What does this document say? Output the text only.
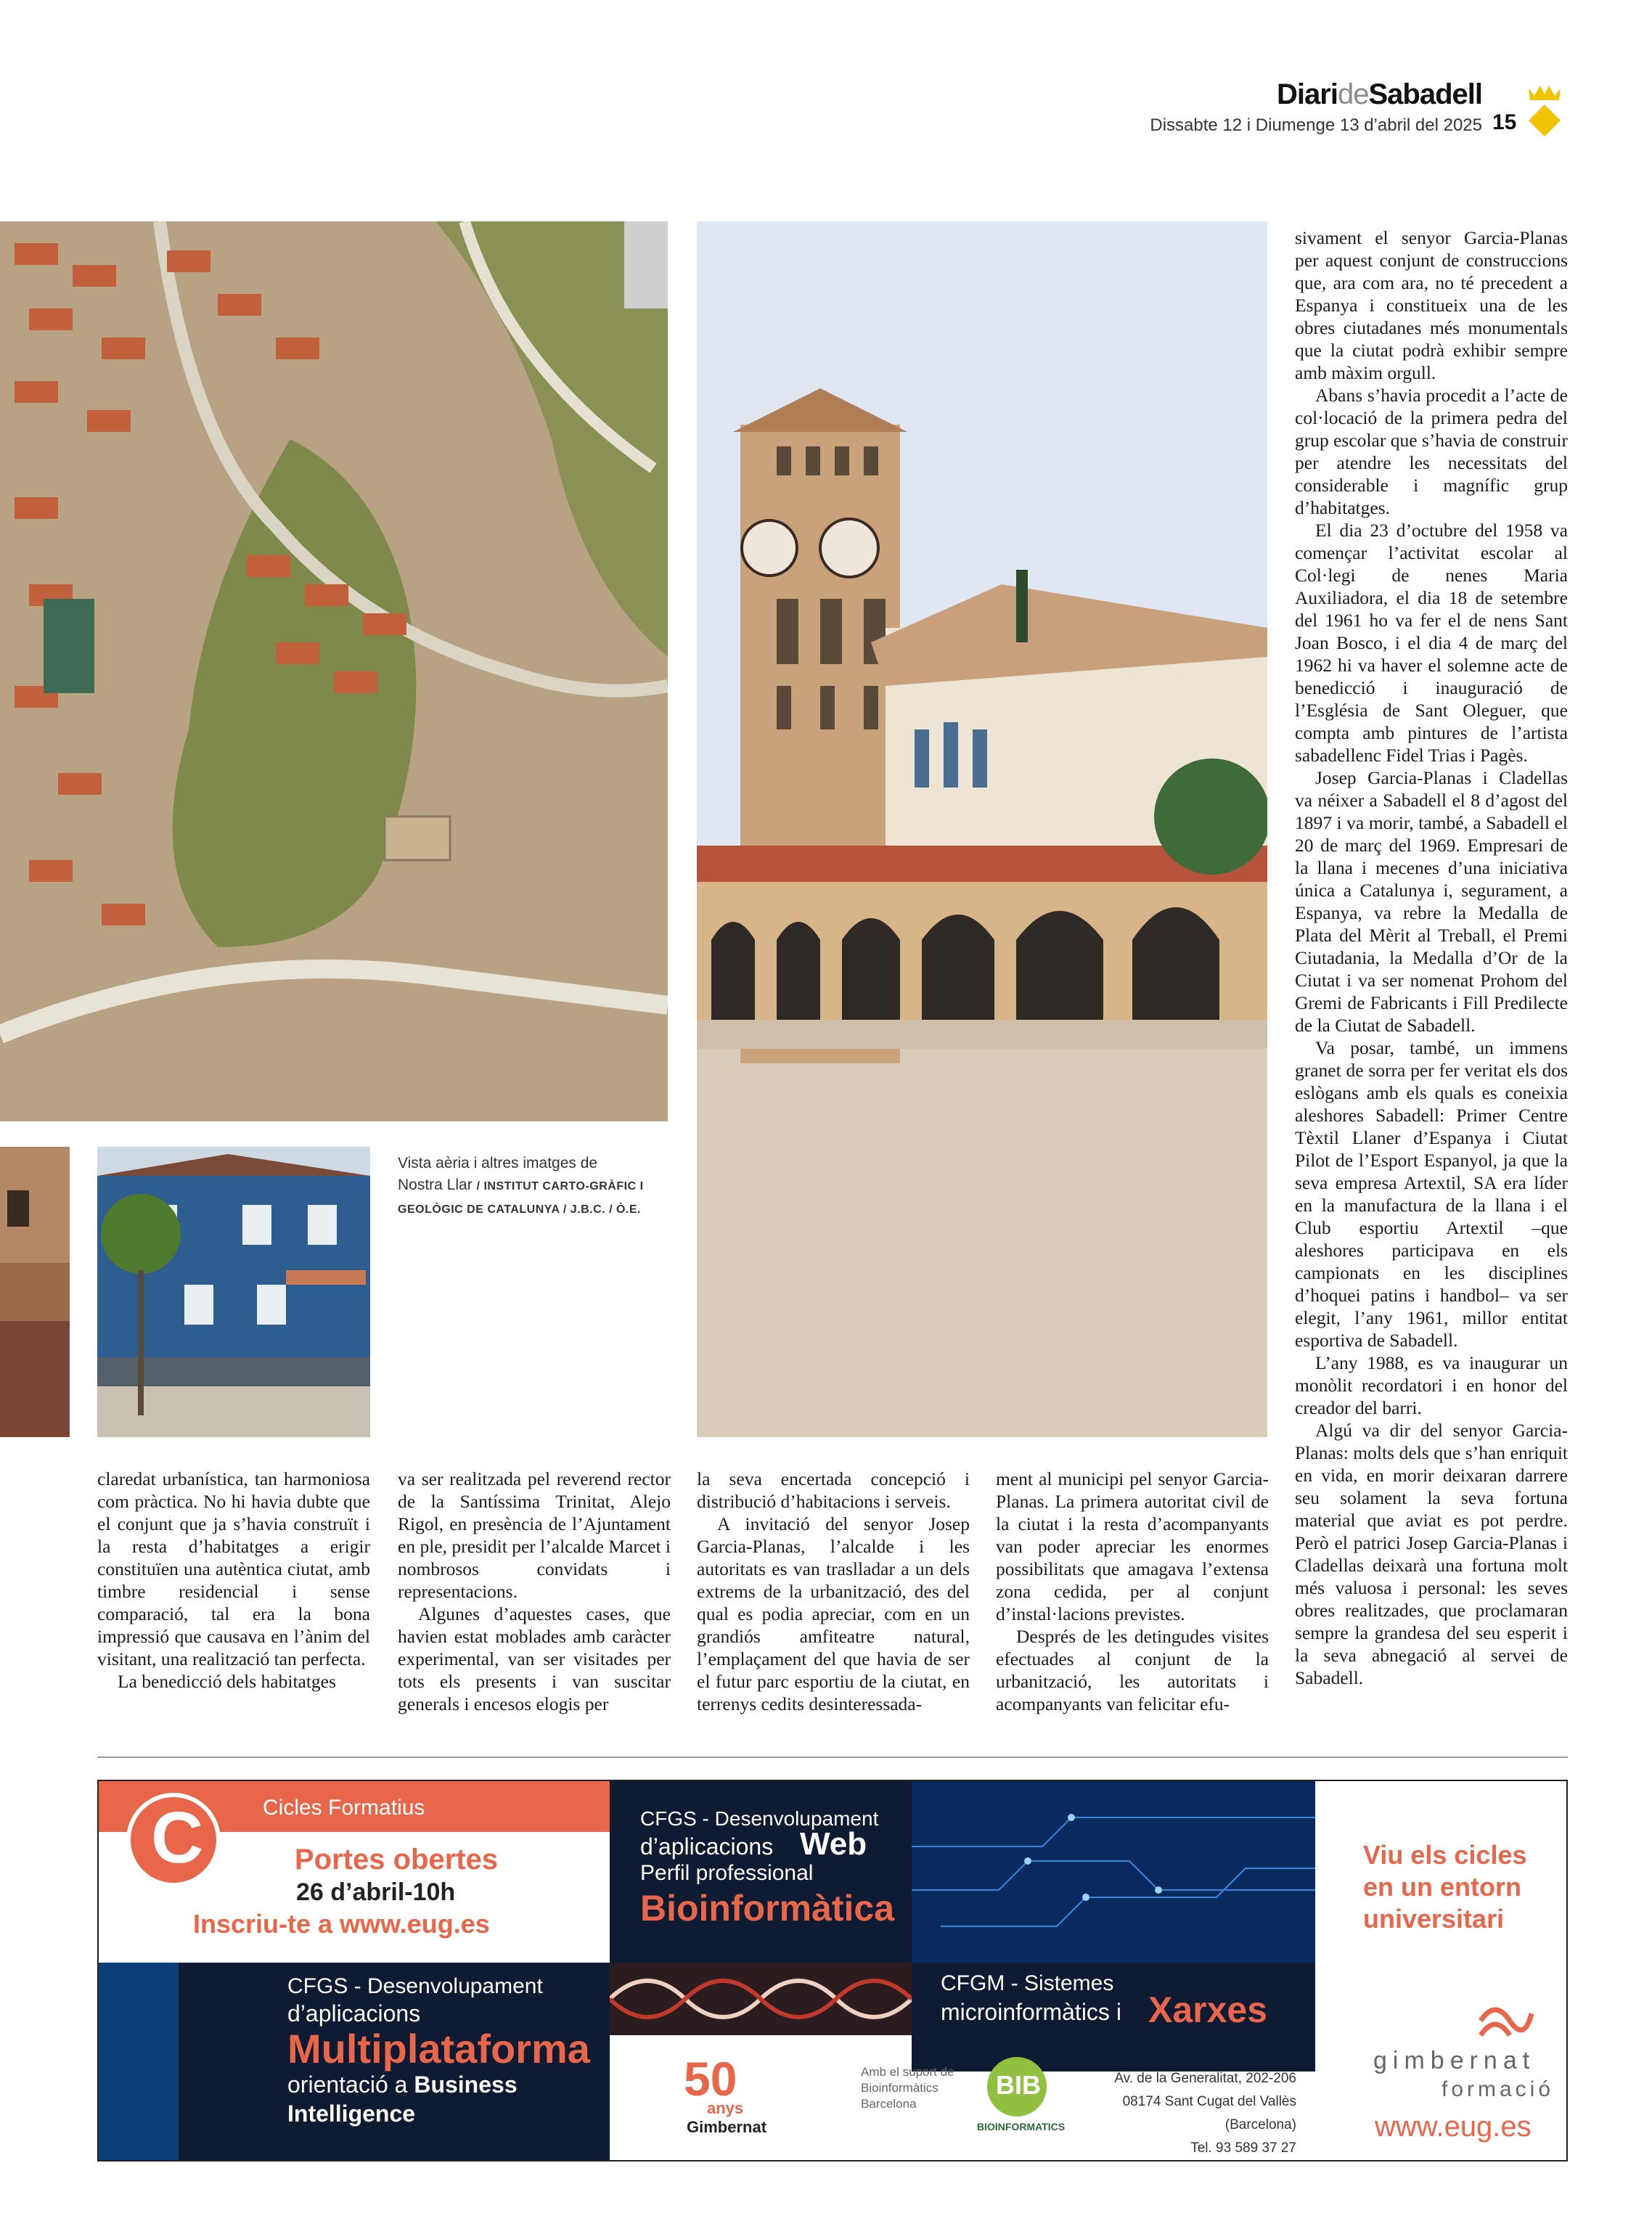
DiarideSabadell
Dissabte 12 i Diumenge 13 d’abril del 2025 15
Vista aèria i altres imatges de Nostra Llar / INSTITUT CARTO-GRÀFIC I GEOLÒGIC DE CATALUNYA / J.B.C. / Ò.E.

sivament el senyor Garcia-Planas per aquest conjunt de construccions que, ara com ara, no té precedent a Espanya i constitueix una de les obres ciutadanes més monumentals que la ciutat podrà exhibir sempre amb màxim orgull.

Abans s’havia procedit a l’acte de col·locació de la primera pedra del grup escolar que s’havia de construir per atendre les necessitats del considerable i magnífic grup d’habitatges.

El dia 23 d’octubre del 1958 va començar l’activitat escolar al Col·legi de nenes Maria Auxiliadora, el dia 18 de setembre del 1961 ho va fer el de nens Sant Joan Bosco, i el dia 4 de març del 1962 hi va haver el solemne acte de benedicció i inauguració de l’Església de Sant Oleguer, que compta amb pintures de l’artista sabadellenc Fidel Trias i Pagès.

Josep Garcia-Planas i Cladellas va néixer a Sabadell el 8 d’agost del 1897 i va morir, també, a Sabadell el 20 de març del 1969. Empresari de la llana i mecenes d’una iniciativa única a Catalunya i, segurament, a Espanya, va rebre la Medalla de Plata del Mèrit al Treball, el Premi Ciutadania, la Medalla d’Or de la Ciutat i va ser nomenat Prohom del Gremi de Fabricants i Fill Predilecte de la Ciutat de Sabadell.

Va posar, també, un immens granet de sorra per fer veritat els dos eslògans amb els quals es coneixia aleshores Sabadell: Primer Centre Tèxtil Llaner d’Espanya i Ciutat Pilot de l’Esport Espanyol, ja que la seva empresa Artextil, SA era líder en la manufactura de la llana i el Club esportiu Artextil –que aleshores participava en els campionats en les disciplines d’hoquei patins i handbol– va ser elegit, l’any 1961, millor entitat esportiva de Sabadell.

L’any 1988, es va inaugurar un monòlit recordatori i en honor del creador del barri.

Algú va dir del senyor Garcia-Planas: molts dels que s’han enriquit en vida, en morir deixaran darrere seu solament la seva fortuna material que aviat es pot perdre. Però el patrici Josep Garcia-Planas i Cladellas deixarà una fortuna molt més valuosa i personal: les seves obres realitzades, que proclamaran sempre la grandesa del seu esperit i la seva abnegació al servei de Sabadell.

claredat urbanística, tan harmoniosa com pràctica. No hi havia dubte que el conjunt que ja s’havia construït i la resta d’habitatges a erigir constituïen una autèntica ciutat, amb timbre residencial i sense comparació, tal era la bona impressió que causava en l’ànim del visitant, una realització tan perfecta.

La benedicció dels habitatges

va ser realitzada pel reverend rector de la Santíssima Trinitat, Alejo Rigol, en presència de l’Ajuntament en ple, presidit per l’alcalde Marcet i nombrosos convidats i representacions.

Algunes d’aquestes cases, que havien estat moblades amb caràcter experimental, van ser visitades per tots els presents i van suscitar generals i encesos elogis per

la seva encertada concepció i distribució d’habitacions i serveis.

A invitació del senyor Josep Garcia-Planas, l’alcalde i les autoritats es van traslladar a un dels extrems de la urbanització, des del qual es podia apreciar, com en un grandiós amfiteatre natural, l’emplaçament del que havia de ser el futur parc esportiu de la ciutat, en terrenys cedits desinteressada-

ment al municipi pel senyor Garcia-Planas. La primera autoritat civil de la ciutat i la resta d’acompanyants van poder apreciar les enormes possibilitats que amagava l’extensa zona cedida, per al conjunt d’instal·lacions previstes.

Després de les detingudes visites efectuades al conjunt de la urbanització, les autoritats i acompanyants van felicitar efu-

C	Cicles Formatius
Portes obertes
26 d’abril-10h
Inscriu-te a www.eug.es
CFGS - Desenvolupament
d’aplicacions Web
Perfil professional
Bioinformàtica
Viu els cicles
en un entorn
universitari
CFGM - Sistemes
microinformàtics i Xarxes
CFGS - Desenvolupament
d’aplicacions
Multiplataforma
orientació a Business
Intelligence
50
anys
Gimbernat
Amb el suport de Bioinformàtics Barcelona
BIB
BIOINFORMATICS
Av. de la Generalitat, 202-206
08174 Sant Cugat del Vallès (Barcelona)
Tel. 93 589 37 27
gimbernat
formació
www.eug.es
